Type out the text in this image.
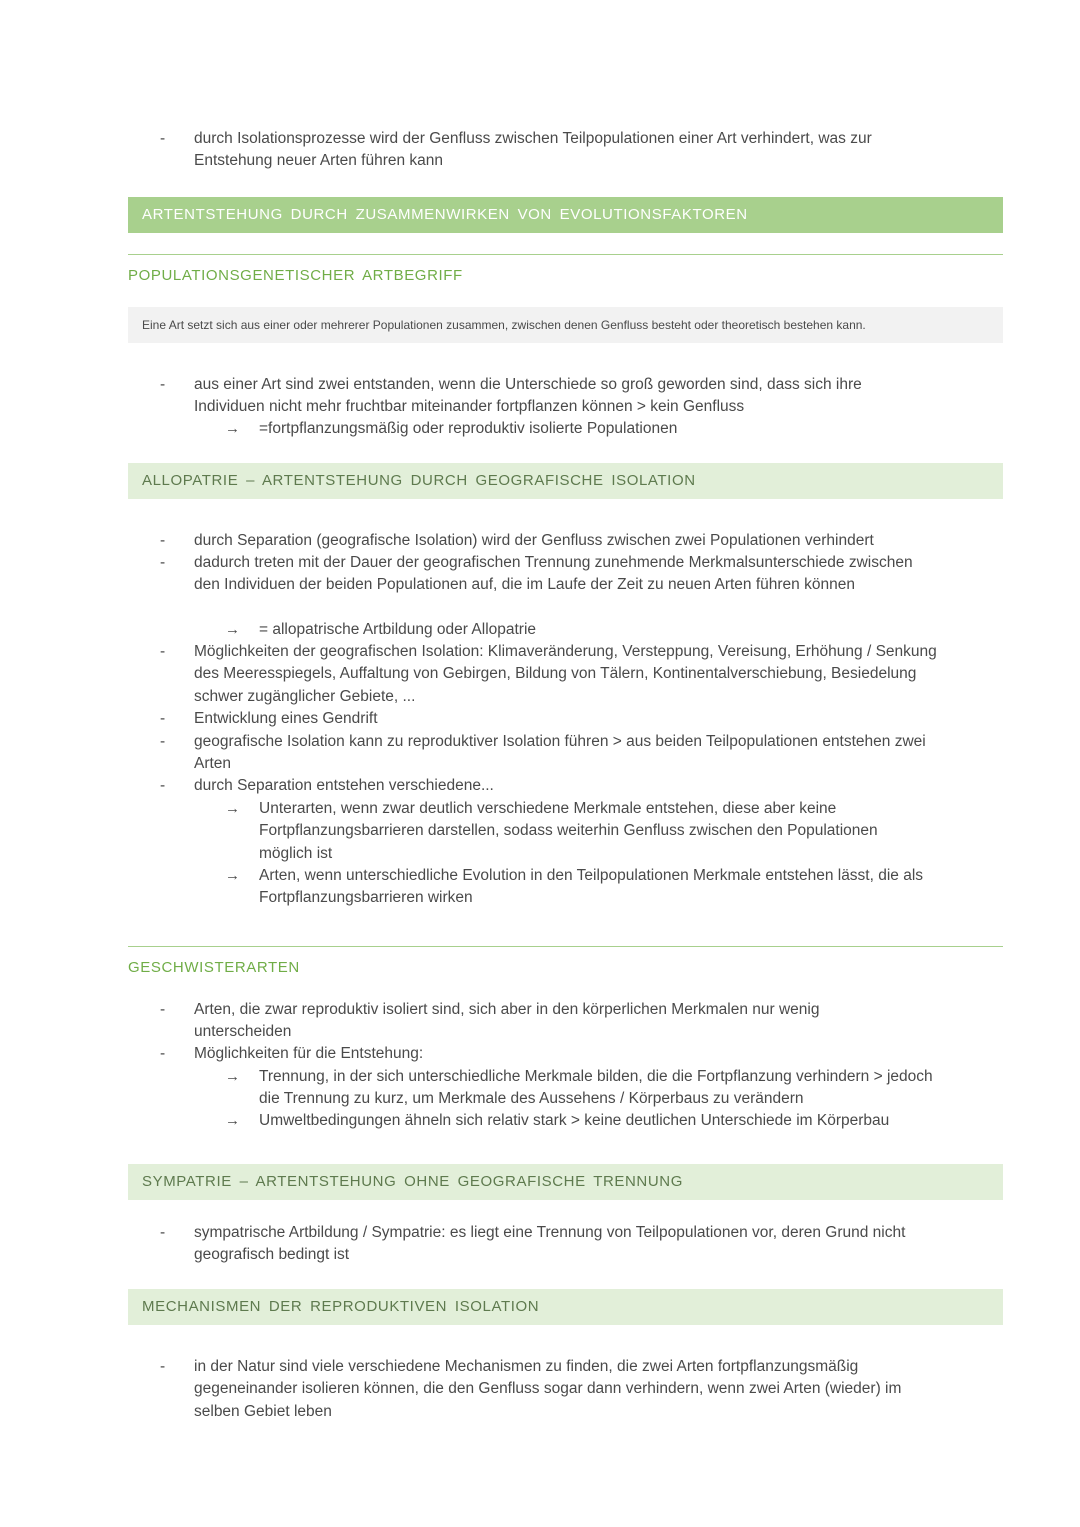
- durch Isolationsprozesse wird der Genfluss zwischen Teilpopulationen einer Art verhindert, was zur Entstehung neuer Arten führen kann
ARTENTSTEHUNG DURCH ZUSAMMENWIRKEN VON EVOLUTIONSFAKTOREN
POPULATIONSGENETISCHER ARTBEGRIFF
Eine Art setzt sich aus einer oder mehrerer Populationen zusammen, zwischen denen Genfluss besteht oder theoretisch bestehen kann.
- aus einer Art sind zwei entstanden, wenn die Unterschiede so groß geworden sind, dass sich ihre Individuen nicht mehr fruchtbar miteinander fortpflanzen können > kein Genfluss
→ =fortpflanzungsmäßig oder reproduktiv isolierte Populationen
ALLOPATRIE – ARTENTSTEHUNG DURCH GEOGRAFISCHE ISOLATION
- durch Separation (geografische Isolation) wird der Genfluss zwischen zwei Populationen verhindert
- dadurch treten mit der Dauer der geografischen Trennung zunehmende Merkmalsunterschiede zwischen den Individuen der beiden Populationen auf, die im Laufe der Zeit zu neuen Arten führen können
→ = allopatrische Artbildung oder Allopatrie
- Möglichkeiten der geografischen Isolation: Klimaveränderung, Versteppung, Vereisung, Erhöhung / Senkung des Meeresspiegels, Auffaltung von Gebirgen, Bildung von Tälern, Kontinentalverschiebung, Besiedelung schwer zugänglicher Gebiete, ...
- Entwicklung eines Gendrift
- geografische Isolation kann zu reproduktiver Isolation führen > aus beiden Teilpopulationen entstehen zwei Arten
- durch Separation entstehen verschiedene...
→ Unterarten, wenn zwar deutlich verschiedene Merkmale entstehen, diese aber keine Fortpflanzungsbarrieren darstellen, sodass weiterhin Genfluss zwischen den Populationen möglich ist
→ Arten, wenn unterschiedliche Evolution in den Teilpopulationen Merkmale entstehen lässt, die als Fortpflanzungsbarrieren wirken
GESCHWISTERARTEN
- Arten, die zwar reproduktiv isoliert sind, sich aber in den körperlichen Merkmalen nur wenig unterscheiden
- Möglichkeiten für die Entstehung:
→ Trennung, in der sich unterschiedliche Merkmale bilden, die die Fortpflanzung verhindern > jedoch die Trennung zu kurz, um Merkmale des Aussehens / Körperbaus zu verändern
→ Umweltbedingungen ähneln sich relativ stark > keine deutlichen Unterschiede im Körperbau
SYMPATRIE – ARTENTSTEHUNG OHNE GEOGRAFISCHE TRENNUNG
- sympatrische Artbildung / Sympatrie: es liegt eine Trennung von Teilpopulationen vor, deren Grund nicht geografisch bedingt ist
MECHANISMEN DER REPRODUKTIVEN ISOLATION
- in der Natur sind viele verschiedene Mechanismen zu finden, die zwei Arten fortpflanzungsmäßig gegeneinander isolieren können, die den Genfluss sogar dann verhindern, wenn zwei Arten (wieder) im selben Gebiet leben
